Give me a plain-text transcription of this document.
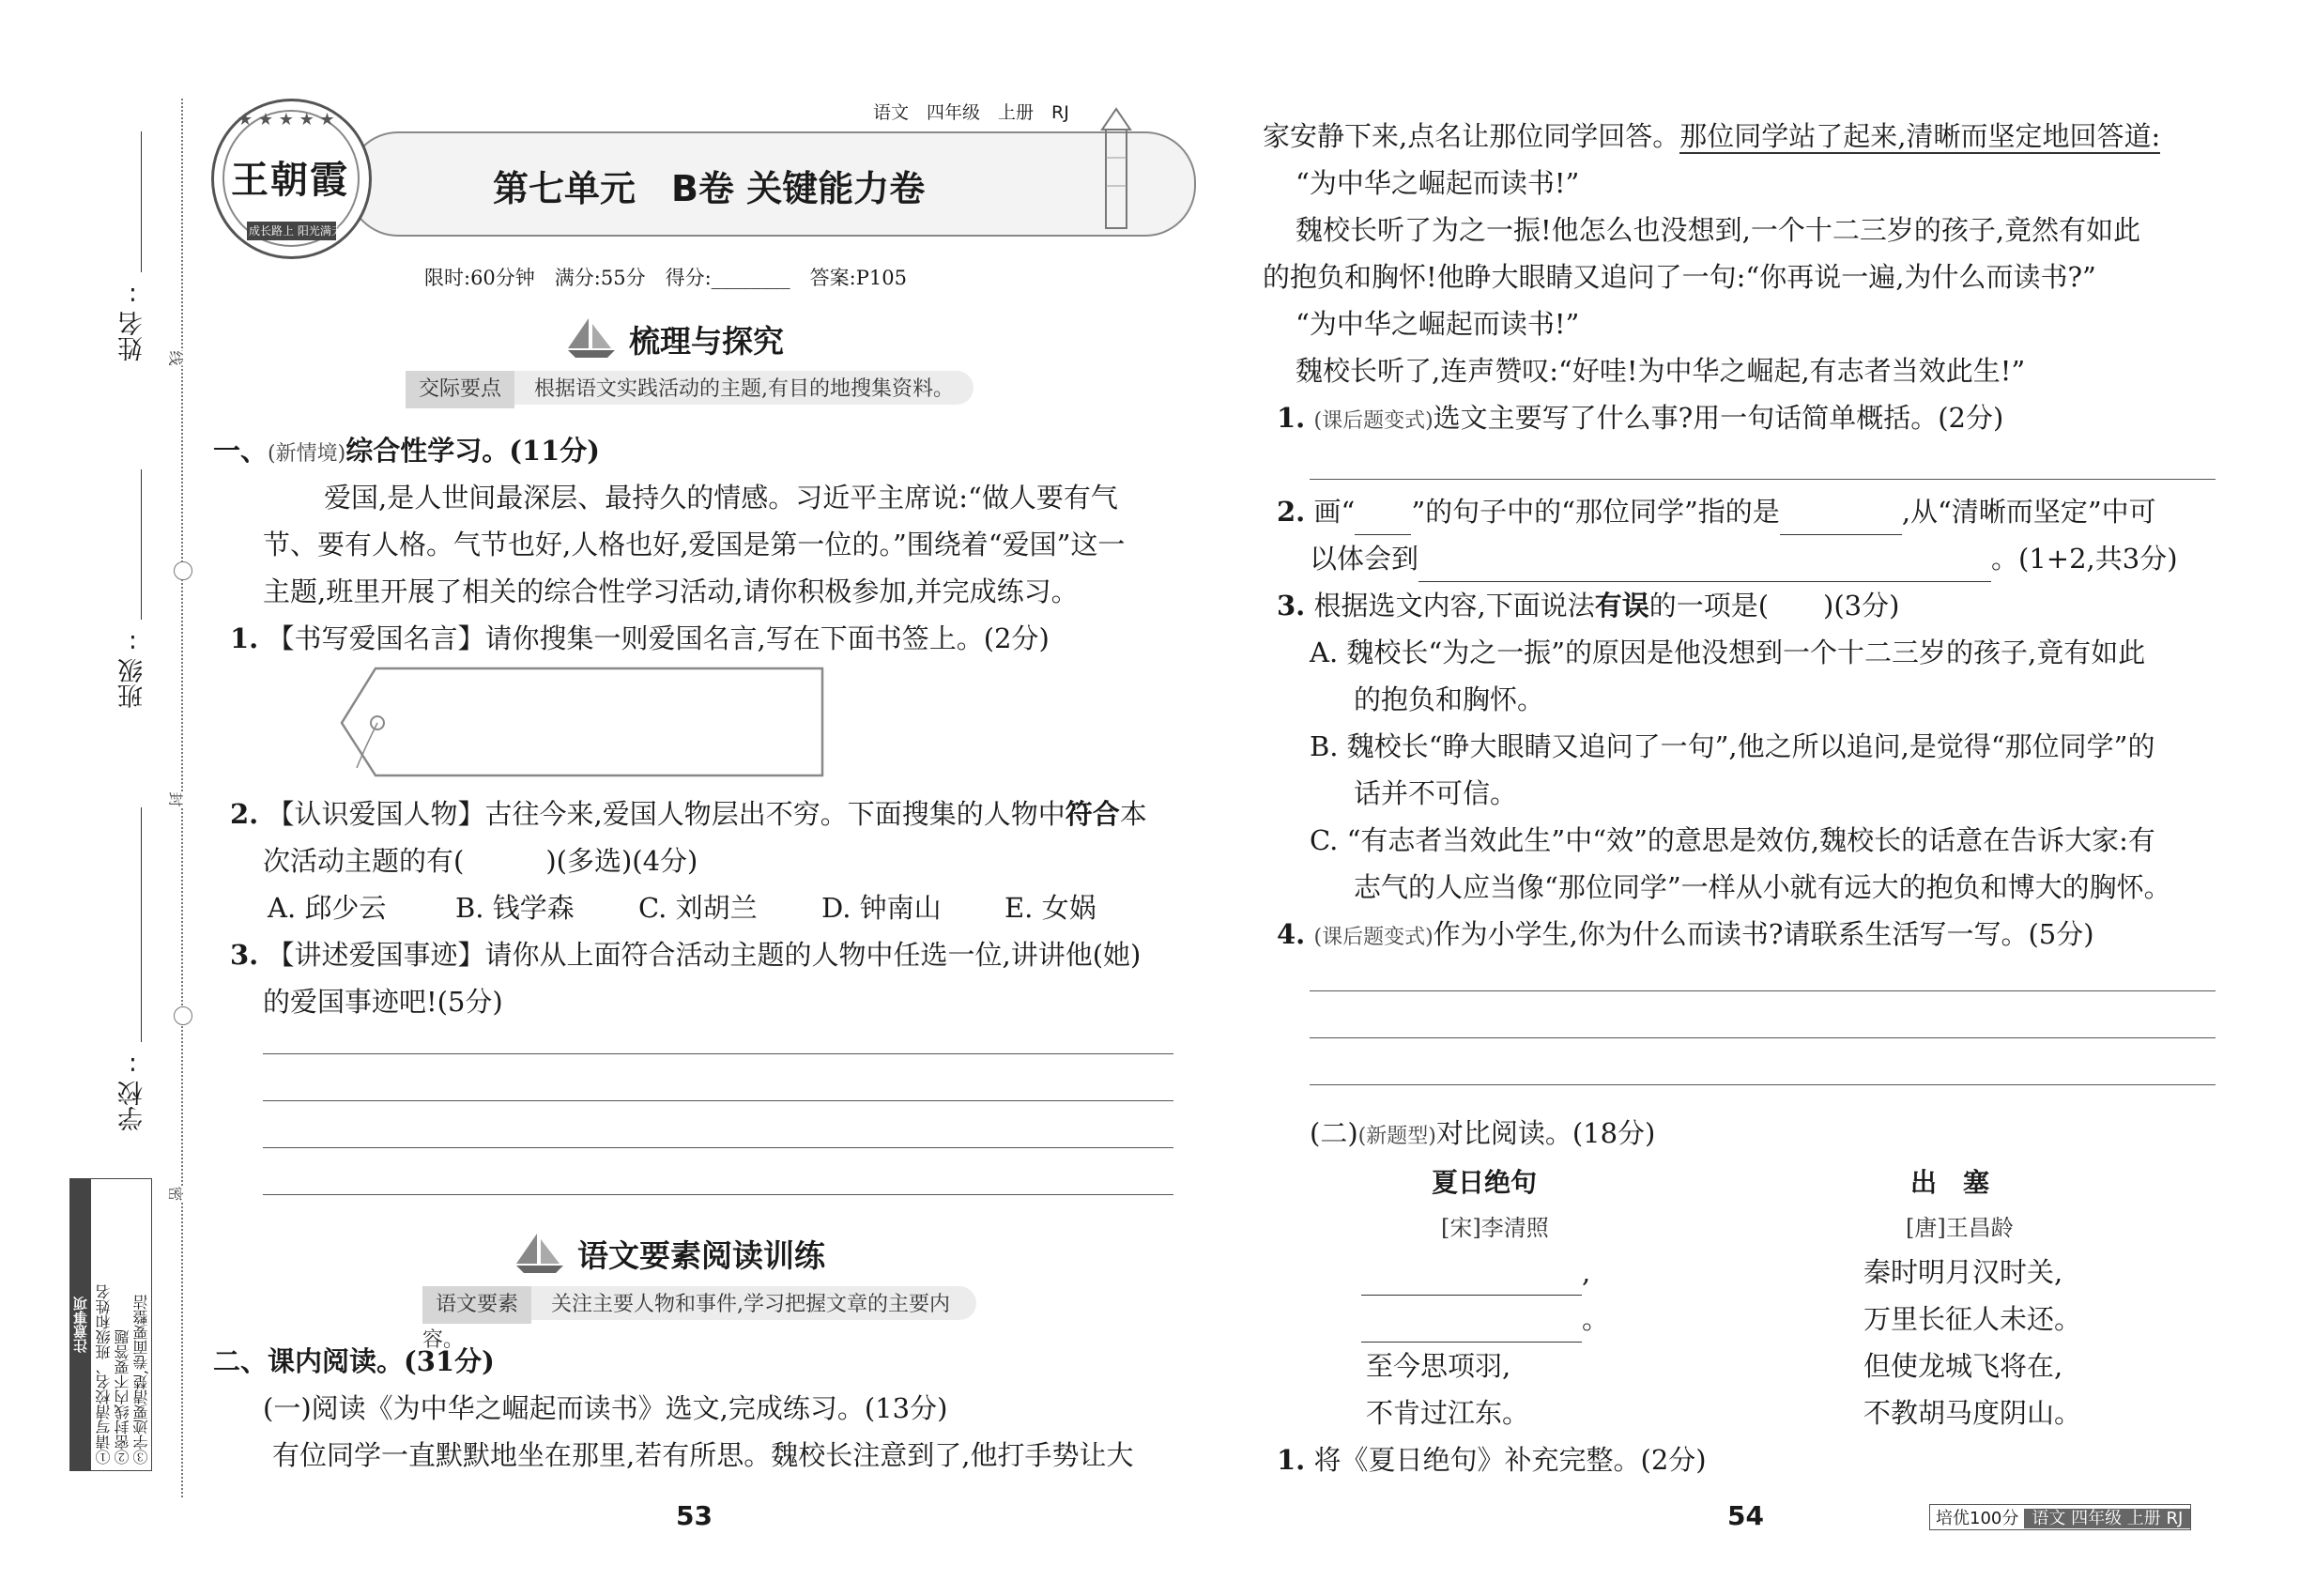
姓名:
班级:
学校:
线
封
密
注意事项 ①请写清校名、班级和姓名 ②密封线内不要答题 ③字迹要清楚,卷面要整洁
★ ★ ★ ★ ★
王朝霞
成长路上 阳光满天
语文　四年级　上册　RJ
第七单元　B卷 关键能力卷
限时:60分钟　满分:55分　得分:________　答案:P105
梳理与探究
交际要点 根据语文实践活动的主题,有目的地搜集资料。
一、(新情境)综合性学习。(11分)
爱国,是人世间最深层、最持久的情感。习近平主席说:“做人要有气
节、要有人格。气节也好,人格也好,爱国是第一位的。”围绕着“爱国”这一
主题,班里开展了相关的综合性学习活动,请你积极参加,并完成练习。
1. 【书写爱国名言】请你搜集一则爱国名言,写在下面书签上。(2分)
2. 【认识爱国人物】古往今来,爱国人物层出不穷。下面搜集的人物中符合本
次活动主题的有(　　　)(多选)(4分)
A. 邱少云	B. 钱学森 C. 刘胡兰 D. 钟南山 E. 女娲
3. 【讲述爱国事迹】请你从上面符合活动主题的人物中任选一位,讲讲他(她)
的爱国事迹吧!(5分)
语文要素阅读训练
语文要素 关注主要人物和事件,学习把握文章的主要内容。
二、课内阅读。(31分)
(一)阅读《为中华之崛起而读书》选文,完成练习。(13分)
有位同学一直默默地坐在那里,若有所思。魏校长注意到了,他打手势让大
53
家安静下来,点名让那位同学回答。那位同学站了起来,清晰而坚定地回答道:
“为中华之崛起而读书!”
魏校长听了为之一振!他怎么也没想到,一个十二三岁的孩子,竟然有如此
的抱负和胸怀!他睁大眼睛又追问了一句:“你再说一遍,为什么而读书?”
“为中华之崛起而读书!”
魏校长听了,连声赞叹:“好哇!为中华之崛起,有志者当效此生!”
1. (课后题变式)选文主要写了什么事?用一句话简单概括。(2分)
2. 画“ ”的句子中的“那位同学”指的是	,从“清晰而坚定”中可
以体会到	。(1+2,共3分)
3. 根据选文内容,下面说法有误的一项是(　　)(3分)
A. 魏校长“为之一振”的原因是他没想到一个十二三岁的孩子,竟有如此
的抱负和胸怀。
B. 魏校长“睁大眼睛又追问了一句”,他之所以追问,是觉得“那位同学”的
话并不可信。
C. “有志者当效此生”中“效”的意思是效仿,魏校长的话意在告诉大家:有
志气的人应当像“那位同学”一样从小就有远大的抱负和博大的胸怀。
4. (课后题变式)作为小学生,你为什么而读书?请联系生活写一写。(5分)
(二)(新题型)对比阅读。(18分)
夏日绝句
[宋]李清照
,
。
至今思项羽,
不肯过江东。
出　塞
[唐]王昌龄
秦时明月汉时关,
万里长征人未还。
但使龙城飞将在,
不教胡马度阴山。
1. 将《夏日绝句》补充完整。(2分)
54	培优100分 语文 四年级 上册 RJ
